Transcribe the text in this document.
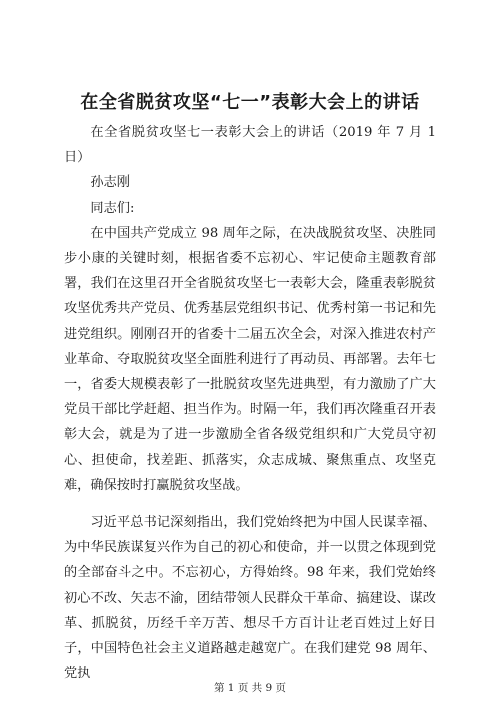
在全省脱贫攻坚“七一”表彰大会上的讲话

在全省脱贫攻坚七一表彰大会上的讲话（2019 年 7 月 1 日）

孙志刚

同志们:

在中国共产党成立 98 周年之际，在决战脱贫攻坚、决胜同步小康的关键时刻，根据省委不忘初心、牢记使命主题教育部署，我们在这里召开全省脱贫攻坚七一表彰大会，隆重表彰脱贫攻坚优秀共产党员、优秀基层党组织书记、优秀村第一书记和先进党组织。刚刚召开的省委十二届五次全会，对深入推进农村产业革命、夺取脱贫攻坚全面胜利进行了再动员、再部署。去年七一，省委大规模表彰了一批脱贫攻坚先进典型，有力激励了广大党员干部比学赶超、担当作为。时隔一年，我们再次隆重召开表彰大会，就是为了进一步激励全省各级党组织和广大党员守初心、担使命，找差距、抓落实，众志成城、聚焦重点、攻坚克难，确保按时打赢脱贫攻坚战。

习近平总书记深刻指出，我们党始终把为中国人民谋幸福、为中华民族谋复兴作为自己的初心和使命，并一以贯之体现到党的全部奋斗之中。不忘初心，方得始终。98 年来，我们党始终初心不改、矢志不渝，团结带领人民群众干革命、搞建设、谋改革、抓脱贫，历经千辛万苦、想尽千方百计让老百姓过上好日子，中国特色社会主义道路越走越宽广。在我们建党 98 周年、党执

第 1 页 共 9 页
